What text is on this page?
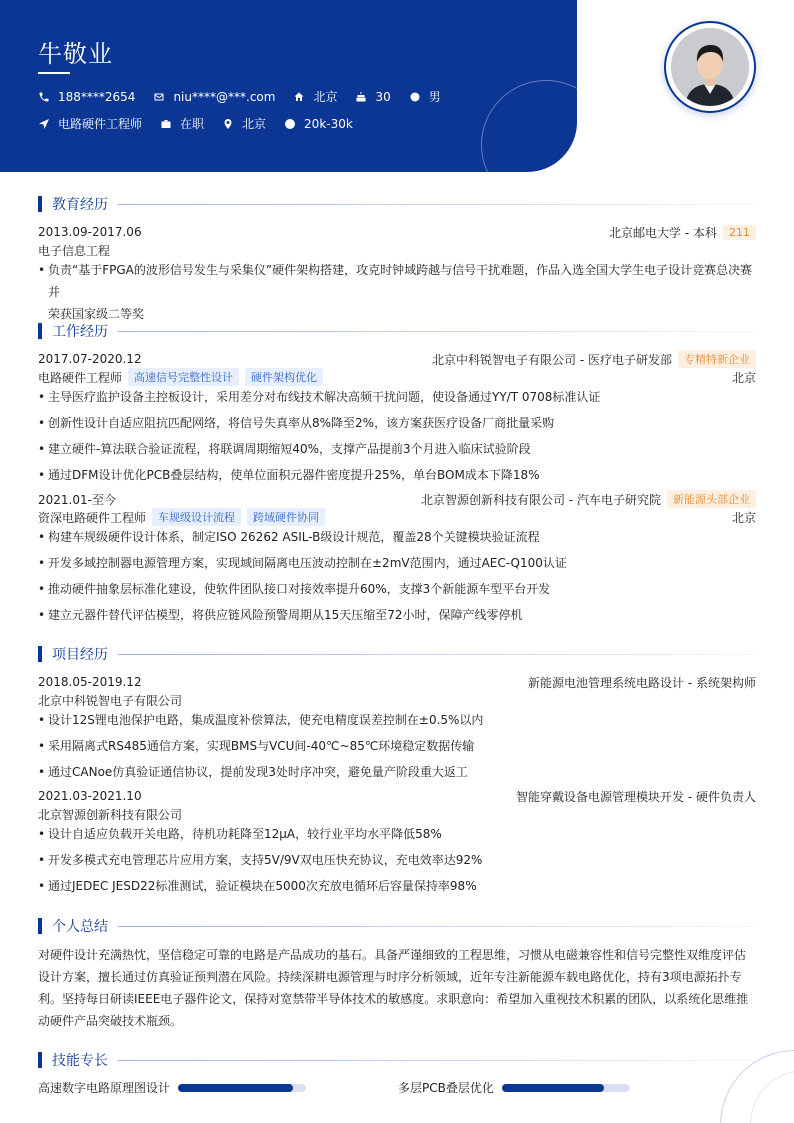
牛敬业
188****2654	niu****@***.com	北京	30	男
电路硬件工程师	在职	北京	20k-30k
教育经历
2013.09-2017.06	北京邮电大学 - 本科	211
电子信息工程
• 负责“基于FPGA的波形信号发生与采集仪”硬件架构搭建，攻克时钟域跨越与信号干扰难题，作品入选全国大学生电子设计竞赛总决赛并
荣获国家级二等奖
工作经历
2017.07-2020.12	北京中科锐智电子有限公司 - 医疗电子研发部	专精特新企业
电路硬件工程师	高速信号完整性设计	硬件架构优化	北京
• 主导医疗监护设备主控板设计，采用差分对布线技术解决高频干扰问题，使设备通过YY/T 0708标准认证
• 创新性设计自适应阻抗匹配网络，将信号失真率从8%降至2%，该方案获医疗设备厂商批量采购
• 建立硬件-算法联合验证流程，将联调周期缩短40%，支撑产品提前3个月进入临床试验阶段
• 通过DFM设计优化PCB叠层结构，使单位面积元器件密度提升25%，单台BOM成本下降18%
2021.01-至今	北京智源创新科技有限公司 - 汽车电子研究院	新能源头部企业
资深电路硬件工程师	车规级设计流程	跨域硬件协同	北京
• 构建车规级硬件设计体系，制定ISO 26262 ASIL-B级设计规范，覆盖28个关键模块验证流程
• 开发多域控制器电源管理方案，实现域间隔离电压波动控制在±2mV范围内，通过AEC-Q100认证
• 推动硬件抽象层标准化建设，使软件团队接口对接效率提升60%，支撑3个新能源车型平台开发
• 建立元器件替代评估模型，将供应链风险预警周期从15天压缩至72小时，保障产线零停机
项目经历
2018.05-2019.12	新能源电池管理系统电路设计 - 系统架构师
北京中科锐智电子有限公司
• 设计12S锂电池保护电路，集成温度补偿算法，使充电精度误差控制在±0.5%以内
• 采用隔离式RS485通信方案，实现BMS与VCU间-40℃~85℃环境稳定数据传输
• 通过CANoe仿真验证通信协议，提前发现3处时序冲突，避免量产阶段重大返工
2021.03-2021.10	智能穿戴设备电源管理模块开发 - 硬件负责人
北京智源创新科技有限公司
• 设计自适应负载开关电路，待机功耗降至12μA，较行业平均水平降低58%
• 开发多模式充电管理芯片应用方案，支持5V/9V双电压快充协议，充电效率达92%
• 通过JEDEC JESD22标准测试，验证模块在5000次充放电循环后容量保持率98%
个人总结
对硬件设计充满热忱，坚信稳定可靠的电路是产品成功的基石。具备严谨细致的工程思维，习惯从电磁兼容性和信号完整性双维度评估
设计方案，擅长通过仿真验证预判潜在风险。持续深耕电源管理与时序分析领域，近年专注新能源车载电路优化，持有3项电源拓扑专
利。坚持每日研读IEEE电子器件论文，保持对宽禁带半导体技术的敏感度。求职意向：希望加入重视技术积累的团队，以系统化思维推
动硬件产品突破技术瓶颈。
技能专长
高速数字电路原理图设计	多层PCB叠层优化
